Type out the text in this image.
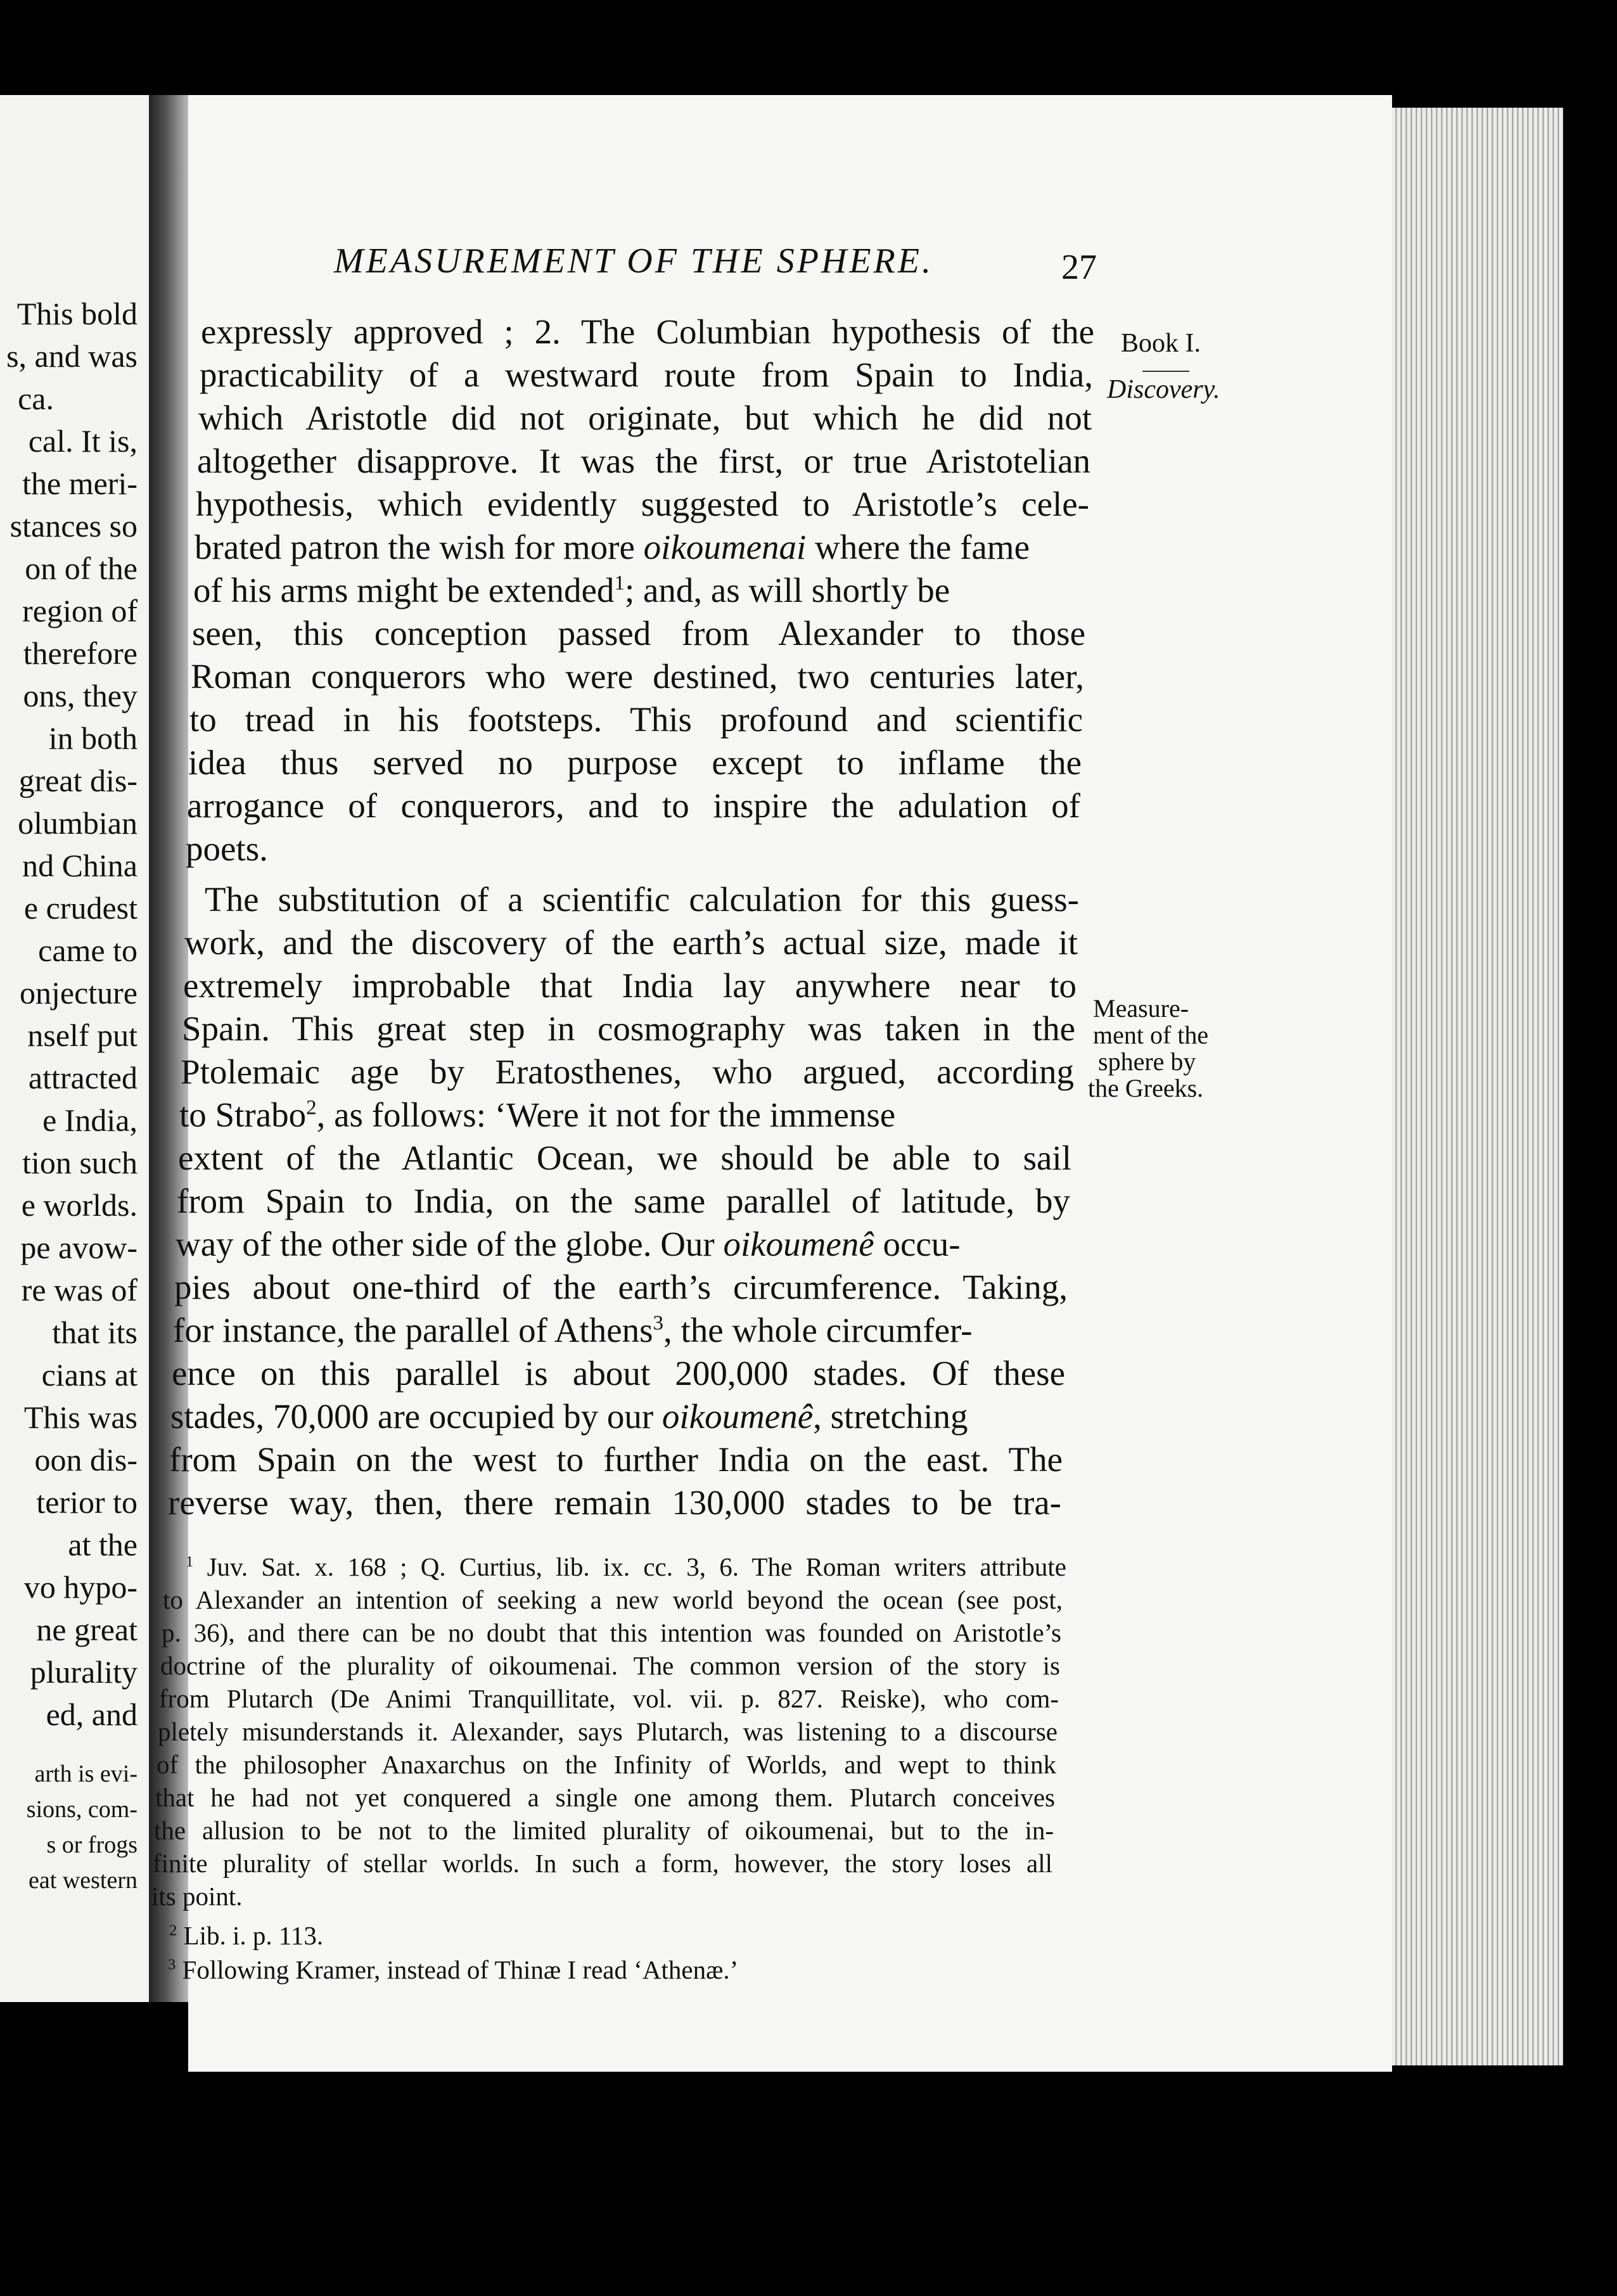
This bold
s, and was
ca.
cal. It is,
the meri-
stances so
on of the
region of
therefore
ons, they
in both
great dis-
olumbian
nd China
e crudest
came to
onjecture
nself put
attracted
e India,
tion such
e worlds.
pe avow-
re was of
that its
cians at
This was
oon dis-
terior to
at the
vo hypo-
ne great
plurality
ed, and
arth is evi-
sions, com-
s or frogs
eat western
MEASUREMENT OF THE SPHERE.	27
Book I.
Discovery.
Measure-
ment of the
sphere by
the Greeks.
expressly approved ; 2. The Columbian hypothesis of the
practicability of a westward route from Spain to India,
which Aristotle did not originate, but which he did not
altogether disapprove. It was the first, or true Aristotelian
hypothesis, which evidently suggested to Aristotle’s cele-
brated patron the wish for more oikoumenai where the fame
of his arms might be extended$^1$; and, as will shortly be
seen, this conception passed from Alexander to those
Roman conquerors who were destined, two centuries later,
to tread in his footsteps. This profound and scientific
idea thus served no purpose except to inflame the
arrogance of conquerors, and to inspire the adulation of
poets.
The substitution of a scientific calculation for this guess-
work, and the discovery of the earth’s actual size, made it
extremely improbable that India lay anywhere near to
Spain. This great step in cosmography was taken in the
Ptolemaic age by Eratosthenes, who argued, according
to Strabo$^2$, as follows: ‘Were it not for the immense
extent of the Atlantic Ocean, we should be able to sail
from Spain to India, on the same parallel of latitude, by
way of the other side of the globe. Our oikoumenê occu-
pies about one-third of the earth’s circumference. Taking,
for instance, the parallel of Athens$^3$, the whole circumfer-
ence on this parallel is about 200,000 stades. Of these
stades, 70,000 are occupied by our oikoumenê, stretching
from Spain on the west to further India on the east. The
reverse way, then, there remain 130,000 stades to be tra-
$^1$ Juv. Sat. x. 168 ; Q. Curtius, lib. ix. cc. 3, 6. The Roman writers attribute
to Alexander an intention of seeking a new world beyond the ocean (see post,
p. 36), and there can be no doubt that this intention was founded on Aristotle’s
doctrine of the plurality of oikoumenai. The common version of the story is
from Plutarch (De Animi Tranquillitate, vol. vii. p. 827. Reiske), who com-
pletely misunderstands it. Alexander, says Plutarch, was listening to a discourse
of the philosopher Anaxarchus on the Infinity of Worlds, and wept to think
that he had not yet conquered a single one among them. Plutarch conceives
the allusion to be not to the limited plurality of oikoumenai, but to the in-
finite plurality of stellar worlds. In such a form, however, the story loses all
its point.
$^2$ Lib. i. p. 113.
$^3$ Following Kramer, instead of Thinæ I read ‘Athenæ.’
